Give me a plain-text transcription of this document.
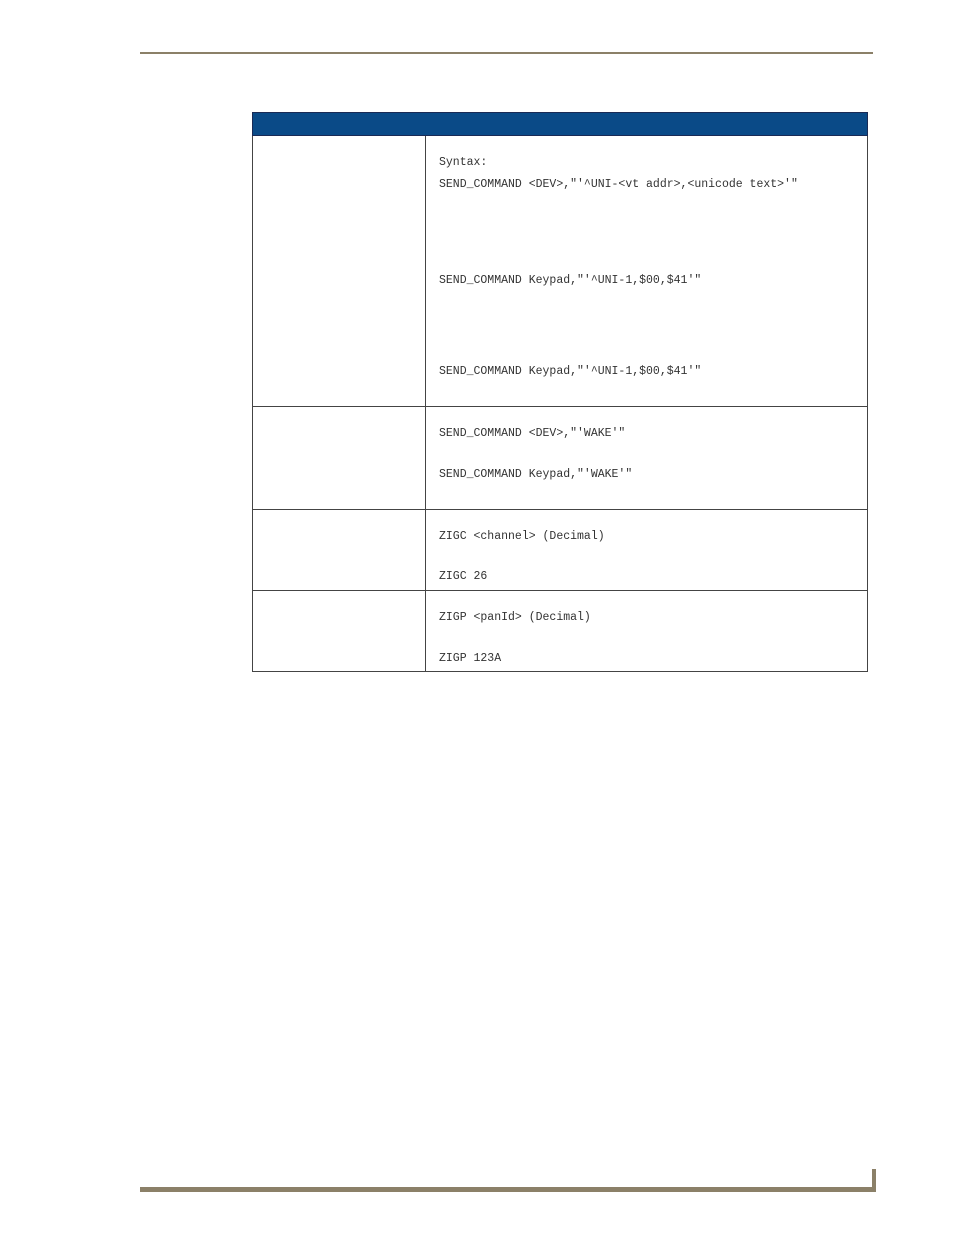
	Syntax:
SEND_COMMAND <DEV>,"'^UNI-<vt addr>,<unicode text>'"
SEND_COMMAND Keypad,"'^UNI-1,$00,$41'"
SEND_COMMAND Keypad,"'^UNI-1,$00,$41'"

	SEND_COMMAND <DEV>,"'WAKE'"
SEND_COMMAND Keypad,"'WAKE'"

	ZIGC <channel> (Decimal)
ZIGC 26

	ZIGP <panId> (Decimal)
ZIGP 123A
